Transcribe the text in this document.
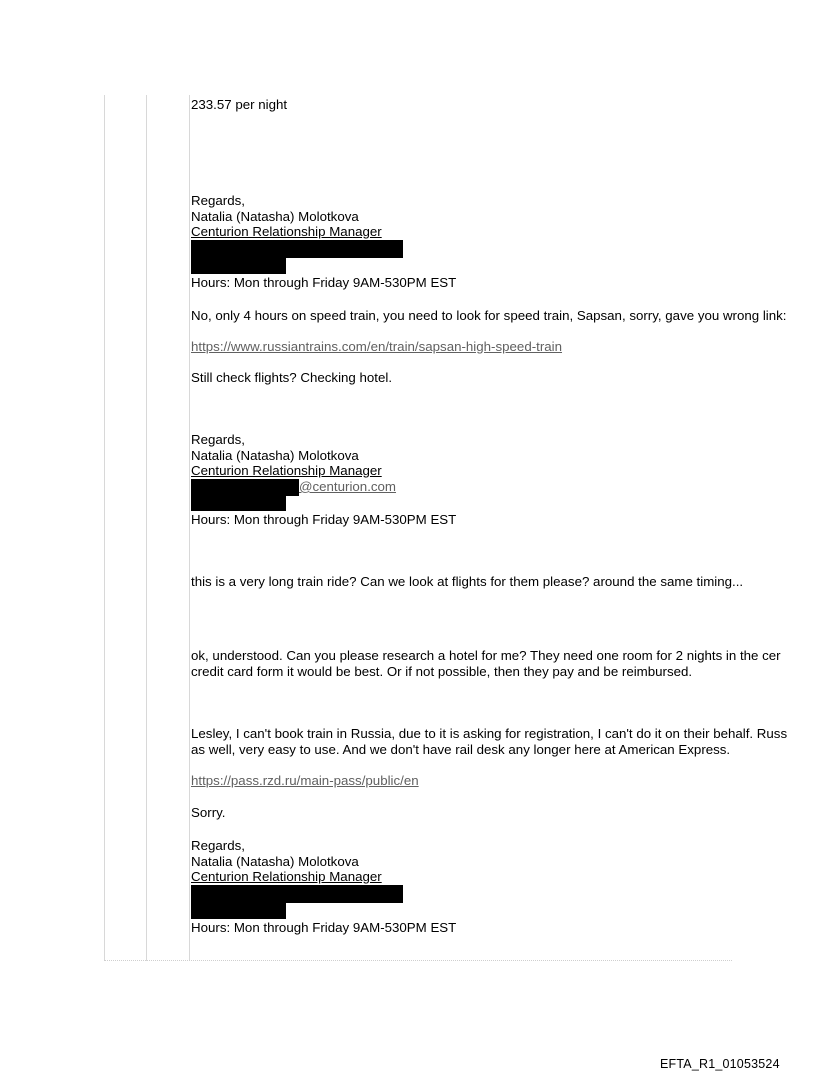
233.57 per night
Regards,
Natalia (Natasha) Molotkova
Centurion Relationship Manager

Hours: Mon through Friday 9AM-530PM EST

No, only 4 hours on speed train, you need to look for speed train, Sapsan, sorry, gave you wrong link:

https://www.russiantrains.com/en/train/sapsan-high-speed-train

Still check flights? Checking hotel.

Regards,
Natalia (Natasha) Molotkova
Centurion Relationship Manager
@centurion.com
Hours: Mon through Friday 9AM-530PM EST

this is a very long train ride? Can we look at flights for them please? around the same timing...

ok, understood. Can you please research a hotel for me? They need one room for 2 nights in the cer

credit card form it would be best. Or if not possible, then they pay and be reimbursed.

Lesley, I can't book train in Russia, due to it is asking for registration, I can't do it on their behalf. Russ

as well, very easy to use. And we don't have rail desk any longer here at American Express.

https://pass.rzd.ru/main-pass/public/en

Sorry.

Regards,
Natalia (Natasha) Molotkova
Centurion Relationship Manager

Hours: Mon through Friday 9AM-530PM EST
EFTA_R1_01053524
